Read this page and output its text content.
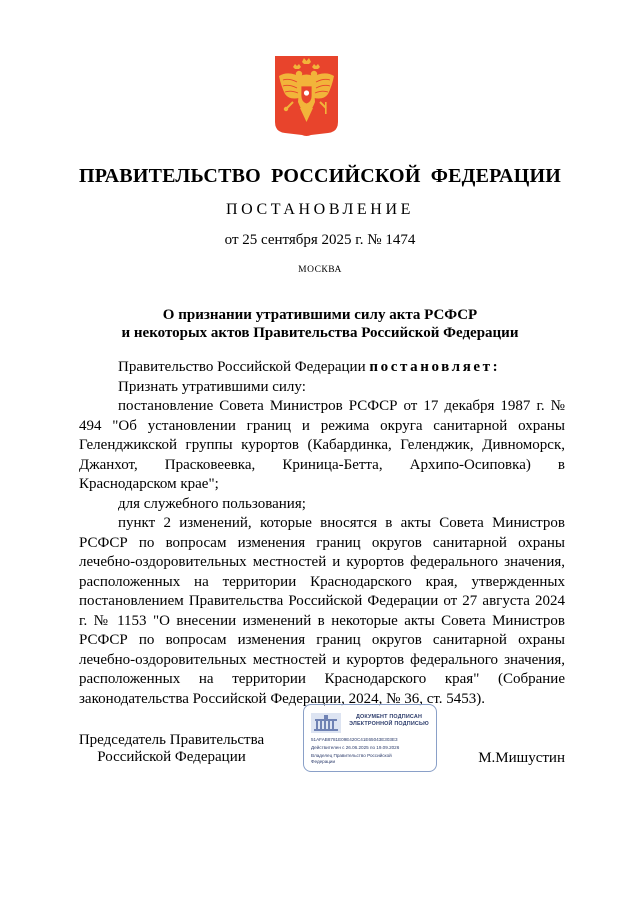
ПРАВИТЕЛЬСТВО РОССИЙСКОЙ ФЕДЕРАЦИИ
ПОСТАНОВЛЕНИЕ
от 25 сентября 2025 г. № 1474
МОСКВА
О признании утратившими силу акта РСФСР
и некоторых актов Правительства Российской Федерации

Правительство Российской Федерации постановляет:

Признать утратившими силу:

постановление Совета Министров РСФСР от 17 декабря 1987 г. № 494 "Об установлении границ и режима округа санитарной охраны Геленджикской группы курортов (Кабардинка, Геленджик, Дивноморск, Джанхот, Прасковеевка, Криница-Бетта, Архипо-Осиповка) в Краснодарском крае";

для служебного пользования;

пункт 2 изменений, которые вносятся в акты Совета Министров РСФСР по вопросам изменения границ округов санитарной охраны лечебно-оздоровительных местностей и курортов федерального значения, расположенных на территории Краснодарского края, утвержденных постановлением Правительства Российской Федерации от 27 августа 2024 г. № 1153 "О внесении изменений в некоторые акты Совета Министров РСФСР по вопросам изменения границ округов санитарной охраны лечебно-оздоровительных местностей и курортов федерального значения, расположенных на территории Краснодарского края" (Собрание законодательства Российской Федерации, 2024, № 36, ст. 5453).

Председатель Правительства
Российской Федерации
ДОКУМЕНТ ПОДПИСАН
ЭЛЕКТРОННОЙ ПОДПИСЬЮ
51AFAB8781E09E420C41E65043E303E3
Действителен с 26.06.2025 по 19.09.2026
Владелец Правительство Российской
Федерации	М.Мишустин
